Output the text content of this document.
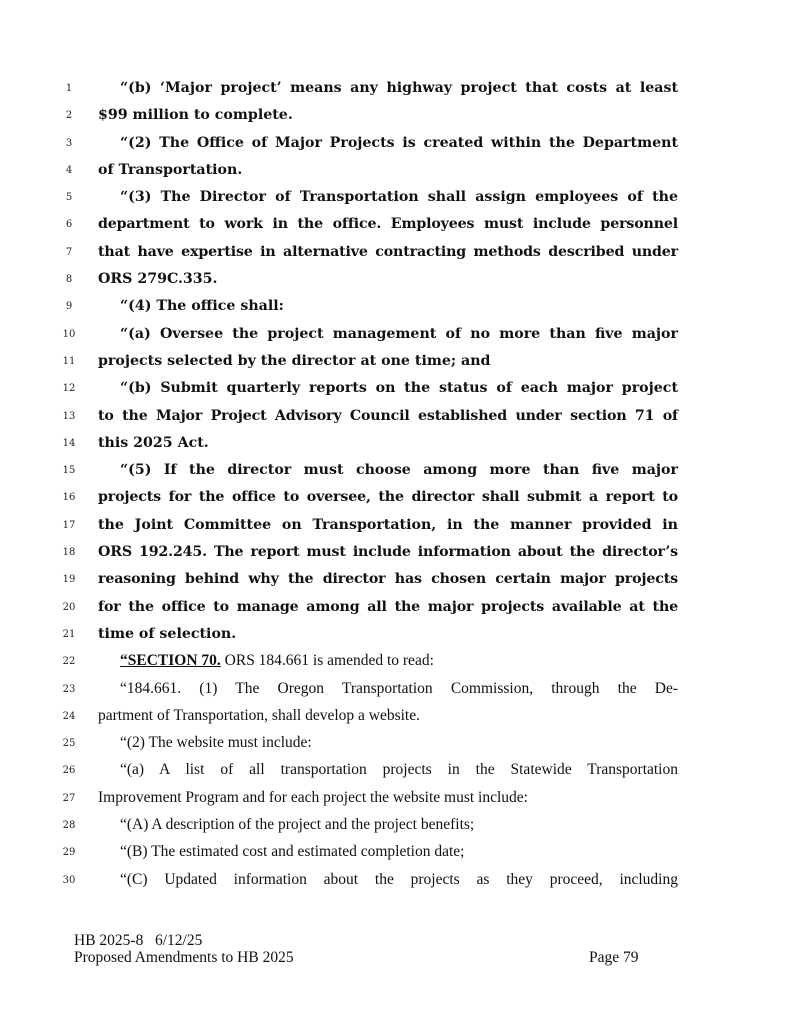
1	“(b) ‘Major project’ means any highway project that costs at least
2	$99 million to complete.
3	“(2) The Office of Major Projects is created within the Department
4	of Transportation.
5	“(3) The Director of Transportation shall assign employees of the
6	department to work in the office. Employees must include personnel
7	that have expertise in alternative contracting methods described under
8	ORS 279C.335.
9	“(4) The office shall:
10	“(a) Oversee the project management of no more than five major
11	projects selected by the director at one time; and
12	“(b) Submit quarterly reports on the status of each major project
13	to the Major Project Advisory Council established under section 71 of
14	this 2025 Act.
15	“(5) If the director must choose among more than five major
16	projects for the office to oversee, the director shall submit a report to
17	the Joint Committee on Transportation, in the manner provided in
18	ORS 192.245. The report must include information about the director’s
19	reasoning behind why the director has chosen certain major projects
20	for the office to manage among all the major projects available at the
21	time of selection.
22	“SECTION 70. ORS 184.661 is amended to read:
23	“184.661. (1) The Oregon Transportation Commission, through the De-
24	partment of Transportation, shall develop a website.
25	“(2) The website must include:
26	“(a) A list of all transportation projects in the Statewide Transportation
27	Improvement Program and for each project the website must include:
28	“(A) A description of the project and the project benefits;
29	“(B) The estimated cost and estimated completion date;
30	“(C) Updated information about the projects as they proceed, including
HB 2025-8 6/12/25
Proposed Amendments to HB 2025	Page 79
